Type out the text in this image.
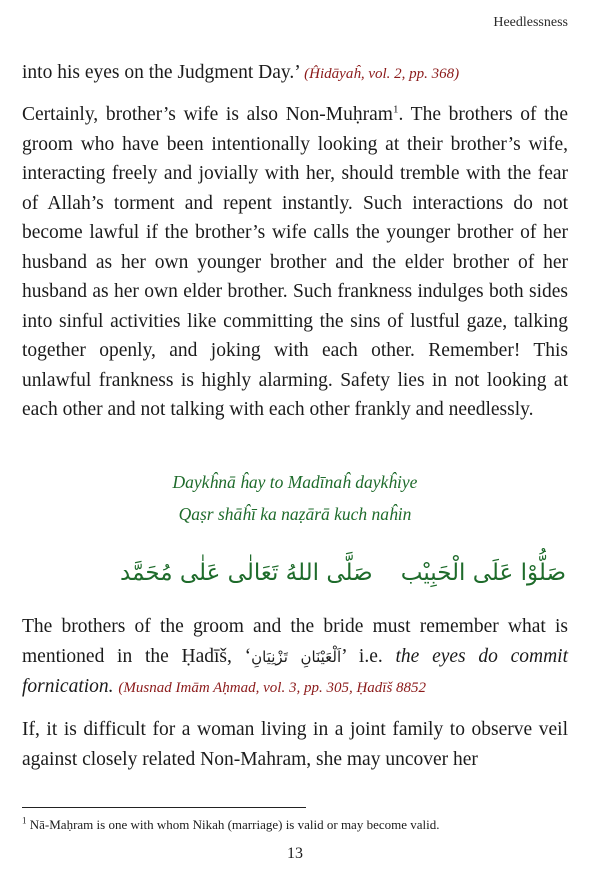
Heedlessness
into his eyes on the Judgment Day.’ (Ĥidāyaĥ, vol. 2, pp. 368)
Certainly, brother’s wife is also Non-Muḥram$^1$. The brothers of the groom who have been intentionally looking at their brother’s wife, interacting freely and jovially with her, should tremble with the fear of Allah’s torment and repent instantly. Such interactions do not become lawful if the brother’s wife calls the younger brother of her husband as her own younger brother and the elder brother of her husband as her own elder brother. Such frankness indulges both sides into sinful activities like committing the sins of lustful gaze, talking together openly, and joking with each other. Remember! This unlawful frankness is highly alarming. Safety lies in not looking at each other and not talking with each other frankly and needlessly.
Daykĥnā ĥay to Madīnaĥ daykĥiye
Qaṣr shāĥī ka naẓārā kuch naĥin
صَلُّوْا عَلَى الْحَبِيْب
صَلَّى اللهُ تَعَالٰى عَلٰى مُحَمَّد
The brothers of the groom and the bride must remember what is mentioned in the Ḥadīš, ‘اَلْعَيْنَانِ تَزْنِيَانِ’ i.e. the eyes do commit fornication. (Musnad Imām Aḥmad, vol. 3, pp. 305, Ḥadīš 8852
If, it is difficult for a woman living in a joint family to observe veil against closely related Non-Mahram, she may uncover her
$^1$ Nā-Maḥram is one with whom Nikah (marriage) is valid or may become valid.
13
